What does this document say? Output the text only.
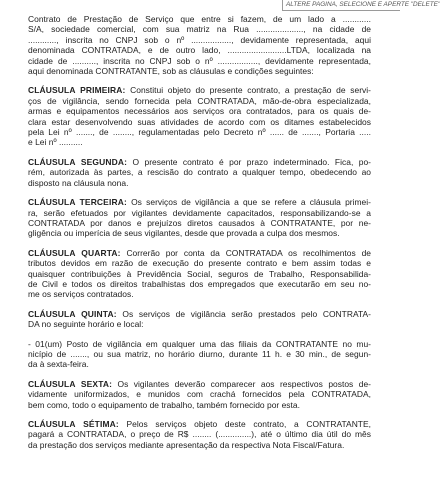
ALTERE PAGINA, SELECIONE E APERTE "DELETE"
Contrato de Prestação de Serviço que entre si fazem, de um lado a ............
S/A, sociedade comercial, com sua matriz na Rua ...................., na cidade de
............, inscrita no CNPJ sob o nº ................., devidamente representada, aqui
denominada CONTRATADA, e de outro lado, .........................LTDA, localizada na
cidade de .........., inscrita no CNPJ sob o nº ................., devidamente representada,
aqui denominada CONTRATANTE, sob as cláusulas e condições seguintes:
CLÁUSULA PRIMEIRA: Constitui objeto do presente contrato, a prestação de servi-
ços de vigilância, sendo fornecida pela CONTRATADA, mão-de-obra especializada,
armas e equipamentos necessários aos serviços ora contratados, para os quais de-
clara estar desenvolvendo suas atividades de acordo com os ditames estabelecidos
pela Lei nº ......., de ........, regulamentadas pelo Decreto nº ...... de ......., Portaria .....
e Lei nº ..........
CLÁUSULA SEGUNDA: O presente contrato é por prazo indeterminado. Fica, po-
rém, autorizada às partes, a rescisão do contrato a qualquer tempo, obedecendo ao
disposto na cláusula nona.
CLÁUSULA TERCEIRA: Os serviços de vigilância a que se refere a cláusula primei-
ra, serão efetuados por vigilantes devidamente capacitados, responsabilizando-se a
CONTRATADA por danos e prejuízos diretos causados à CONTRATANTE, por ne-
gligência ou imperícia de seus vigilantes, desde que provada a culpa dos mesmos.
CLÁUSULA QUARTA: Correrão por conta da CONTRATADA os recolhimentos de
tributos devidos em razão de execução do presente contrato e bem assim todas e
quaisquer contribuições à Previdência Social, seguros de Trabalho, Responsabilida-
de Civil e todos os direitos trabalhistas dos empregados que executarão em seu no-
me os serviços contratados.
CLÁUSULA QUINTA: Os serviços de vigilância serão prestados pelo CONTRATA-
DA no seguinte horário e local:
- 01(um) Posto de vigilância em qualquer uma das filiais da CONTRATANTE no mu-
nicípio de ......., ou sua matriz, no horário diurno, durante 11 h. e 30 min., de segun-
da à sexta-feira.
CLÁUSULA SEXTA: Os vigilantes deverão comparecer aos respectivos postos de-
vidamente uniformizados, e munidos com crachá fornecidos pela CONTRATADA,
bem como, todo o equipamento de trabalho, também fornecido por esta.
CLÁUSULA SÉTIMA: Pelos serviços objeto deste contrato, a CONTRATANTE,
pagará a CONTRATADA, o preço de R$ ........ (..............), até o último dia útil do mês
da prestação dos serviços mediante apresentação da respectiva Nota Fiscal/Fatura.
